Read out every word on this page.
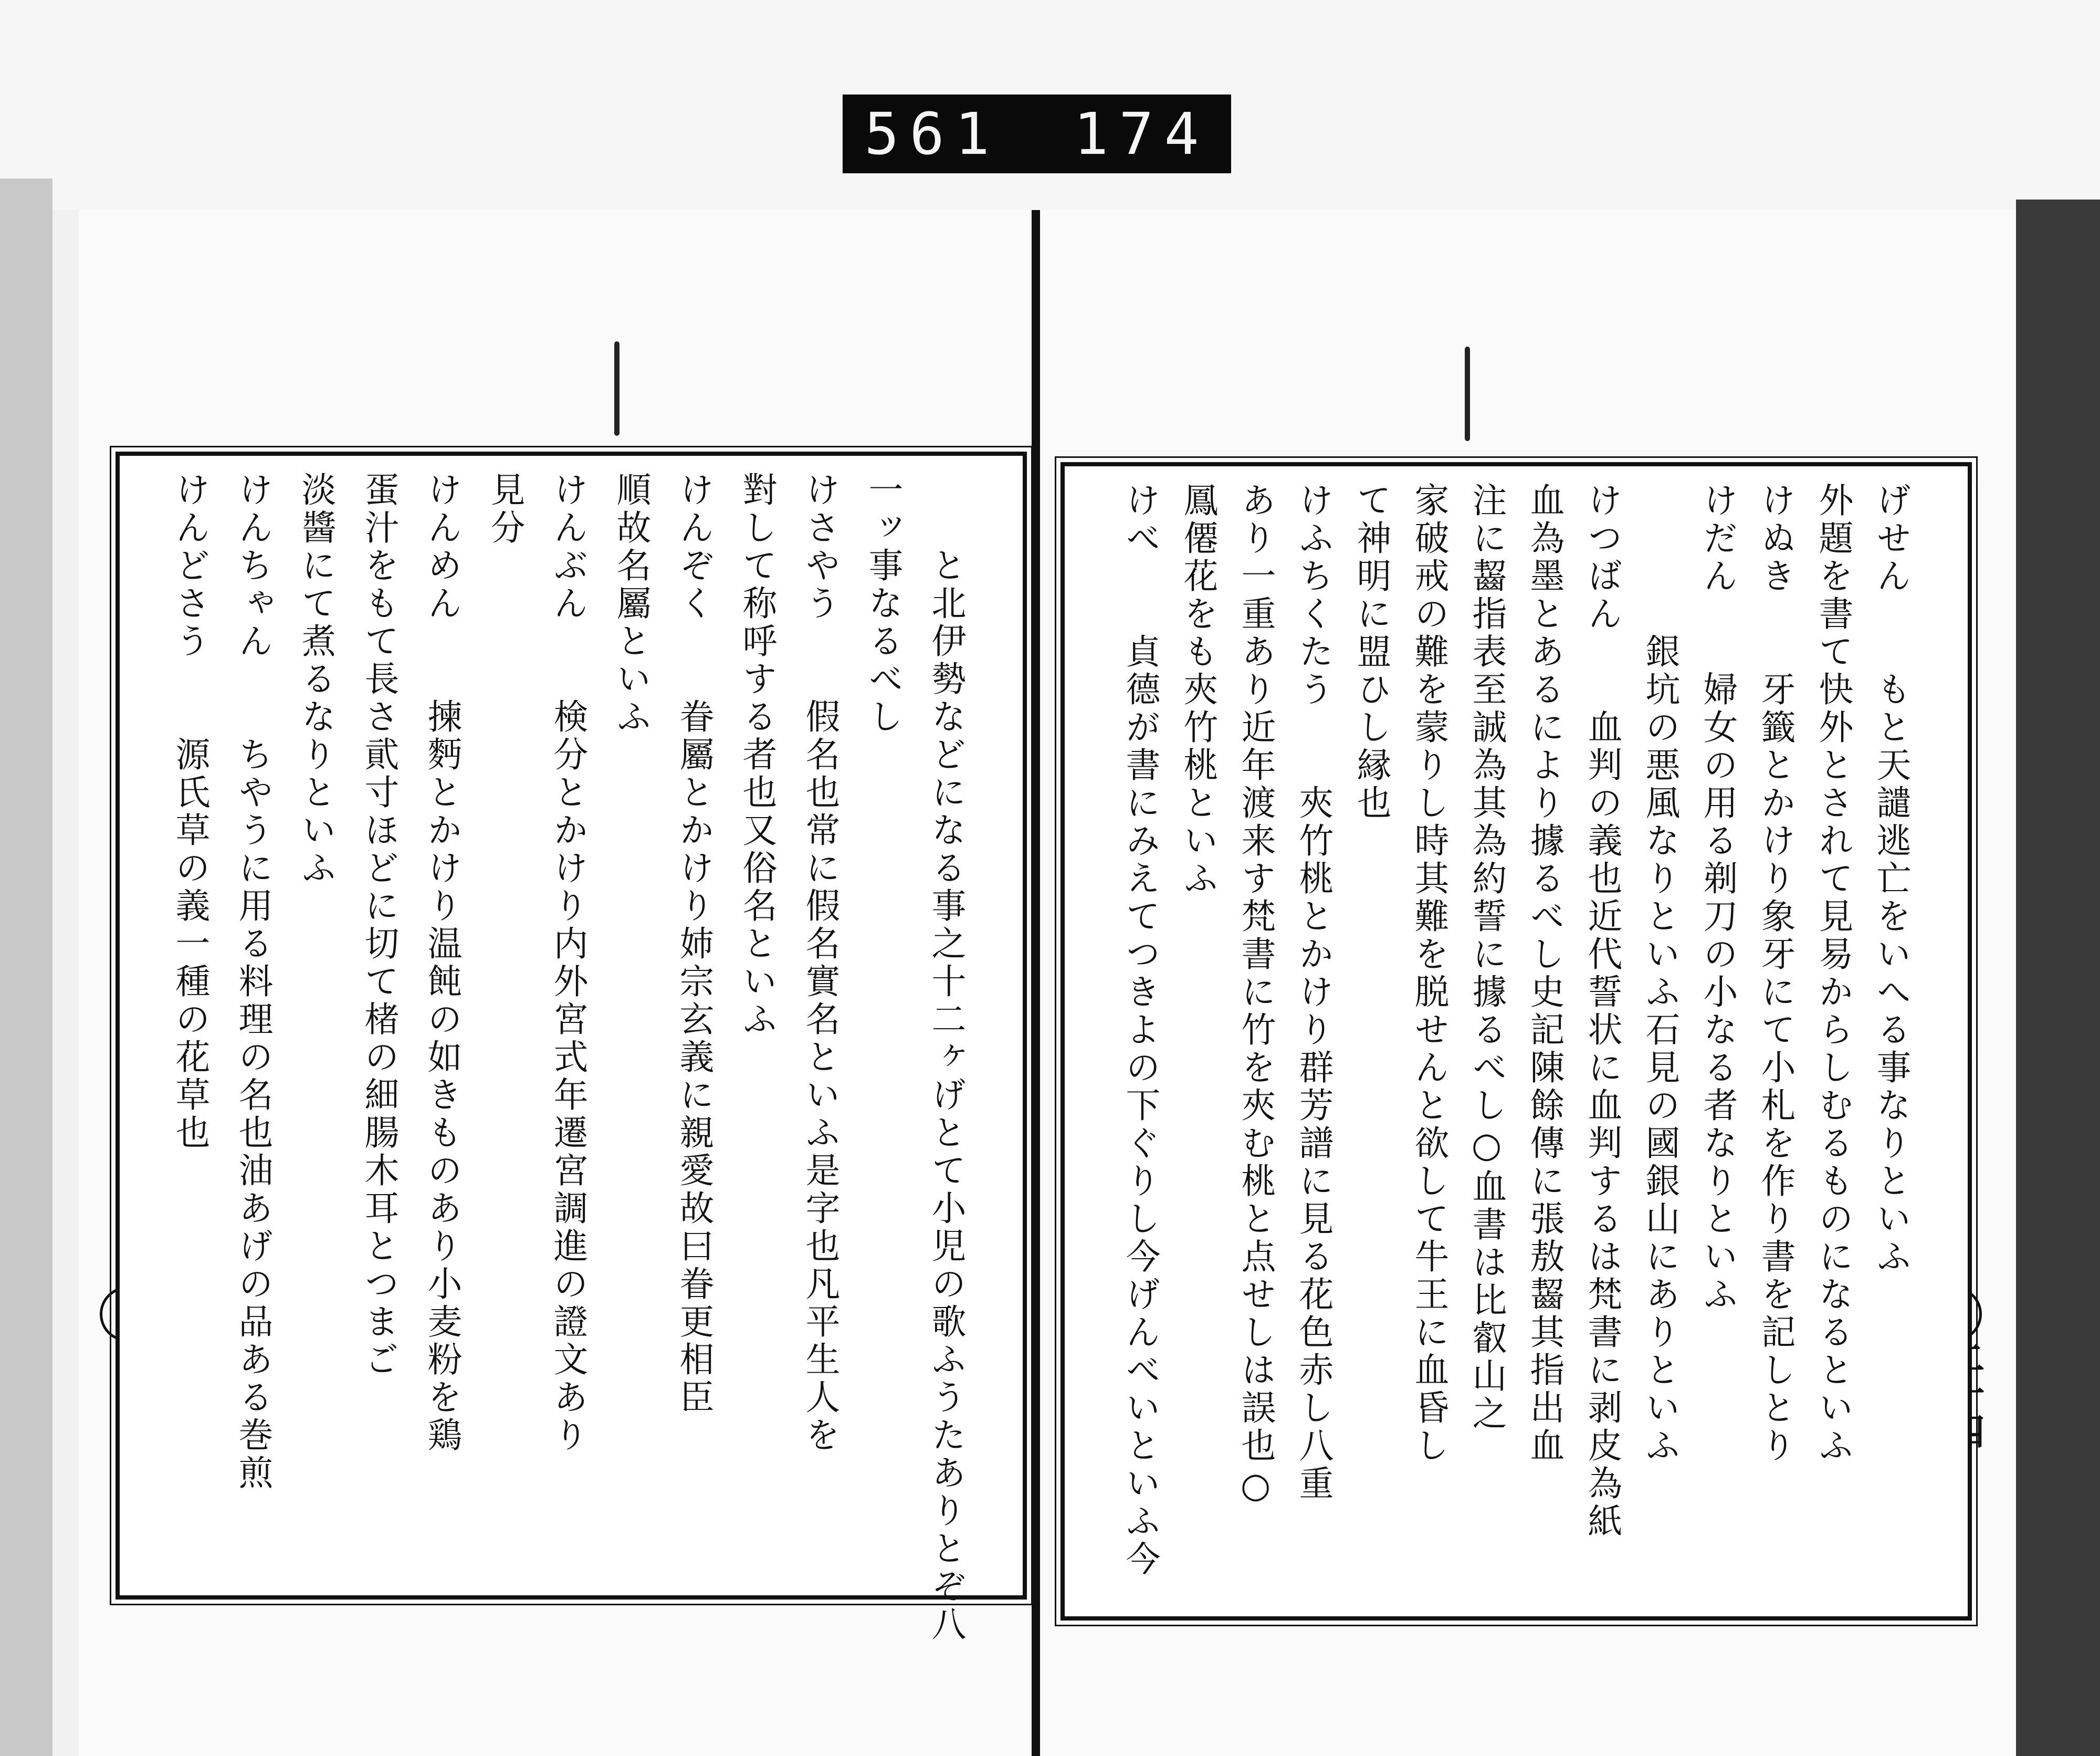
561 174
　　と北伊勢などになる事之十二ヶげとて小児の歌ふうたありとぞ八
一ッ事なるべし
けさやう　　假名也常に假名實名といふ是字也凡平生人を
對して称呼する者也又俗名といふ
けんぞく　　眷屬とかけり姉宗玄義に親愛故曰眷更相臣
順故名屬といふ
けんぶん　　検分とかけり内外宮式年遷宮調進の證文あり
見分
けんめん　　揀麪とかけり温飩の如きものあり小麦粉を鶏
蛋汁をもて長さ貮寸ほどに切て楮の細腸木耳とつまご
淡醬にて煮るなりといふ
けんちゃん　　ちやうに用る料理の名也油あげの品ある巻煎
けんどさう　　源氏草の義一種の花草也	げせん　　もと天譴逃亡をいへる事なりといふ
外題を書て快外とされて見易からしむるものになるといふ
けぬき　　牙籤とかけり象牙にて小札を作り書を記しとり
けだん　　婦女の用る剃刀の小なる者なりといふ
　　　　銀坑の悪風なりといふ石見の國銀山にありといふ
けつばん　　血判の義也近代誓状に血判するは梵書に剥皮為紙
血為墨とあるにより據るべし史記陳餘傳に張敖齧其指出血
注に齧指表至誠為其為約誓に據るべし○血書は比叡山之
家破戒の難を蒙りし時其難を脱せんと欲して牛王に血昏し
て神明に盟ひし縁也
けふちくたう　　夾竹桃とかけり群芳譜に見る花色赤し八重
あり一重あり近年渡来す梵書に竹を夾む桃と点せしは誤也○
鳳僊花をも夾竹桃といふ
けべ　　貞德が書にみえてつきよの下ぐりし今げんべいといふ今
